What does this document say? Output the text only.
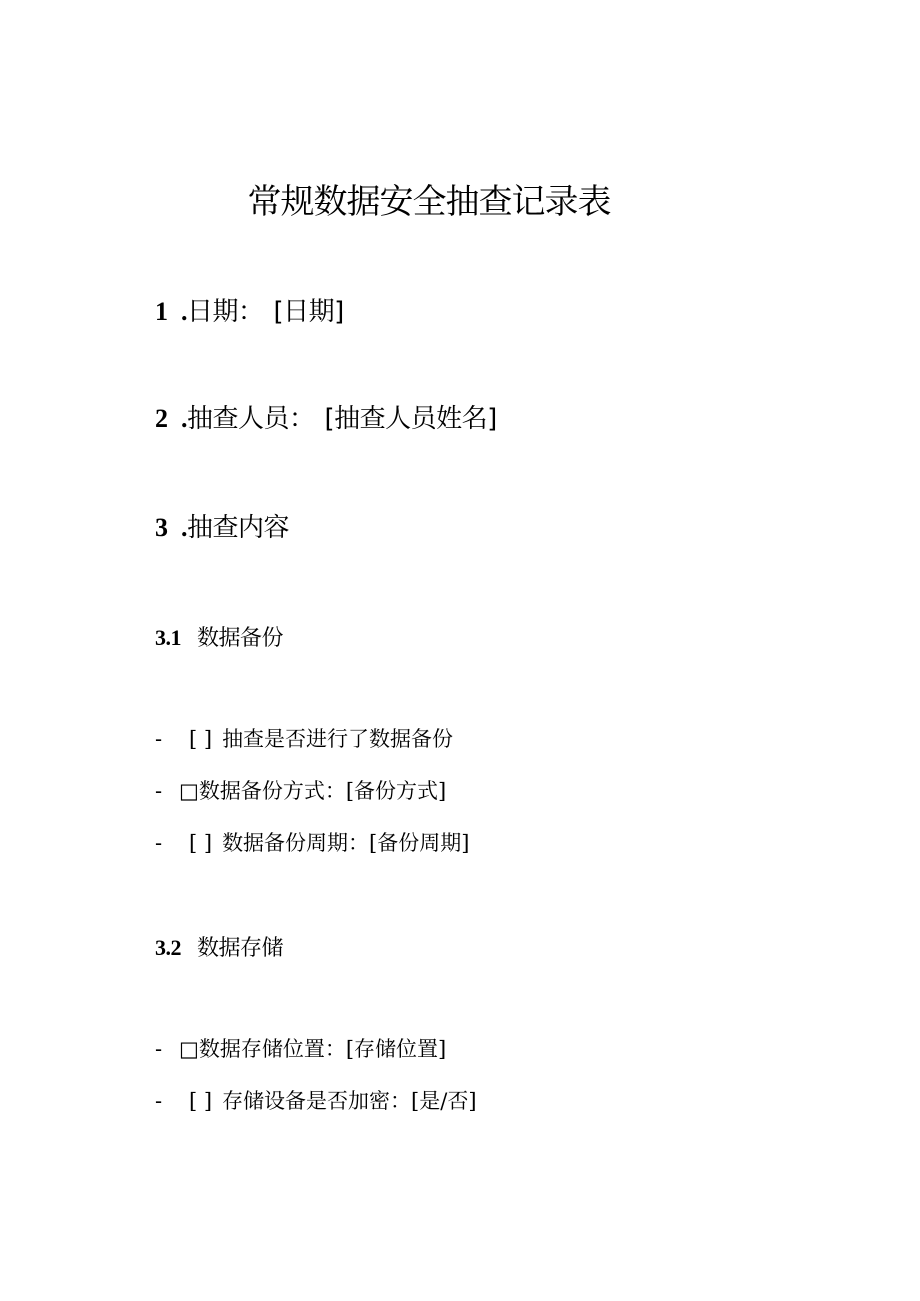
常规数据安全抽查记录表
1 .日期： [日期]
2 .抽查人员： [抽查人员姓名]
3 .抽查内容
3.1 数据备份
- [ ] 抽查是否进行了数据备份
- □数据备份方式：[备份方式]
- [ ] 数据备份周期：[备份周期]
3.2 数据存储
- □数据存储位置：[存储位置]
- [ ] 存储设备是否加密：[是/否]
